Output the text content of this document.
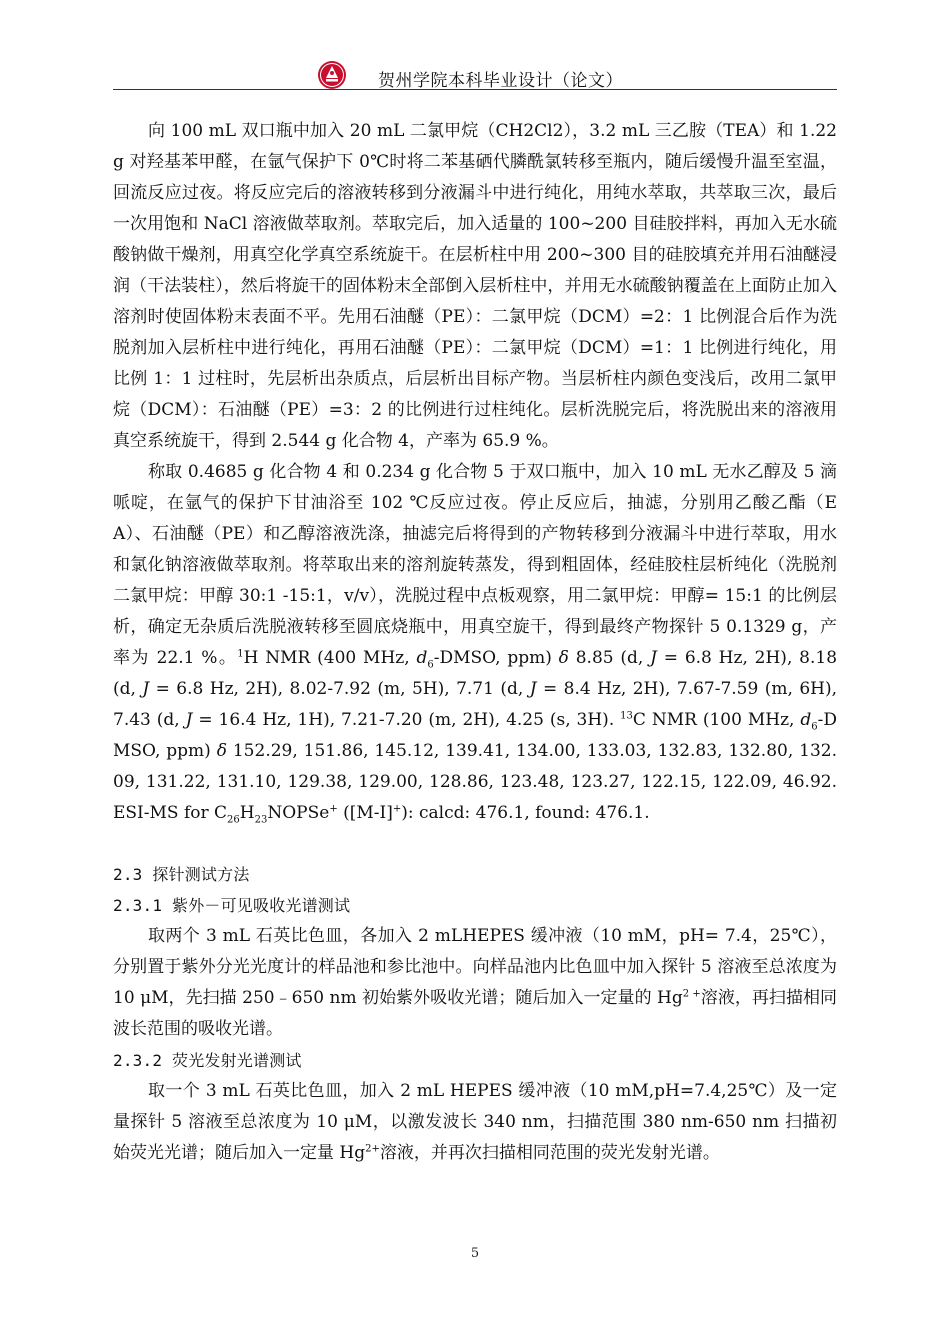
贺州学院本科毕业设计（论文）

向 100 mL 双口瓶中加入 20 mL 二氯甲烷（CH2Cl2），3.2 mL 三乙胺（TEA）和 1.22 g 对羟基苯甲醛，在氩气保护下 0℃时将二苯基硒代膦酰氯转移至瓶内，随后缓慢升温至室温，回流反应过夜。将反应完后的溶液转移到分液漏斗中进行纯化，用纯水萃取，共萃取三次，最后一次用饱和 NaCl 溶液做萃取剂。萃取完后，加入适量的 100~200 目硅胶拌料，再加入无水硫酸钠做干燥剂，用真空化学真空系统旋干。在层析柱中用 200~300 目的硅胶填充并用石油醚浸润（干法装柱），然后将旋干的固体粉末全部倒入层析柱中，并用无水硫酸钠覆盖在上面防止加入溶剂时使固体粉末表面不平。先用石油醚（PE）：二氯甲烷（DCM）=2：1 比例混合后作为洗脱剂加入层析柱中进行纯化，再用石油醚（PE）：二氯甲烷（DCM）=1：1 比例进行纯化，用比例 1：1 过柱时，先层析出杂质点，后层析出目标产物。当层析柱内颜色变浅后，改用二氯甲烷（DCM）：石油醚（PE）=3：2 的比例进行过柱纯化。层析洗脱完后，将洗脱出来的溶液用真空系统旋干，得到 2.544 g 化合物 4，产率为 65.9 %。

称取 0.4685 g 化合物 4 和 0.234 g 化合物 5 于双口瓶中，加入 10 mL 无水乙醇及 5 滴哌啶，在氩气的保护下甘油浴至 102 ℃反应过夜。停止反应后，抽滤，分别用乙酸乙酯（EA）、石油醚（PE）和乙醇溶液洗涤，抽滤完后将得到的产物转移到分液漏斗中进行萃取，用水和氯化钠溶液做萃取剂。将萃取出来的溶剂旋转蒸发，得到粗固体，经硅胶柱层析纯化（洗脱剂二氯甲烷：甲醇 30:1 -15:1，v/v），洗脱过程中点板观察，用二氯甲烷：甲醇= 15:1 的比例层析，确定无杂质后洗脱液转移至圆底烧瓶中，用真空旋干，得到最终产物探针 5 0.1329 g，产率为 22.1 %。$^1$H NMR (400 MHz, $d_6$-DMSO, ppm) δ 8.85 (d, J = 6.8 Hz, 2H), 8.18 (d, J = 6.8 Hz, 2H), 8.02-7.92 (m, 5H), 7.71 (d, J = 8.4 Hz, 2H), 7.67-7.59 (m, 6H), 7.43 (d, J = 16.4 Hz, 1H), 7.21-7.20 (m, 2H), 4.25 (s, 3H). $^{13}$C NMR (100 MHz, $d_6$-DMSO, ppm) δ 152.29, 151.86, 145.12, 139.41, 134.00, 133.03, 132.83, 132.80, 132.09, 131.22, 131.10, 129.38, 129.00, 128.86, 123.48, 123.27, 122.15, 122.09, 46.92. ESI-MS for $C_{26}H_{23}NOPSe^+$ ([M-I]+): calcd: 476.1, found: 476.1.

2.3 探针测试方法

2.3.1 紫外－可见吸收光谱测试

取两个 3 mL 石英比色皿，各加入 2 mLHEPES 缓冲液（10 mM，pH= 7.4，25℃），分别置于紫外分光光度计的样品池和参比池中。向样品池内比色皿中加入探针 5 溶液至总浓度为 10 μM，先扫描 250﹣650 nm 初始紫外吸收光谱；随后加入一定量的 $Hg^{2 +}$溶液，再扫描相同波长范围的吸收光谱。

2.3.2 荧光发射光谱测试

取一个 3 mL 石英比色皿，加入 2 mL HEPES 缓冲液（10 mM,pH=7.4,25℃）及一定量探针 5 溶液至总浓度为 10 μM，以激发波长 340 nm，扫描范围 380 nm-650 nm 扫描初始荧光光谱；随后加入一定量 $Hg^{2+}$溶液，并再次扫描相同范围的荧光发射光谱。

5
